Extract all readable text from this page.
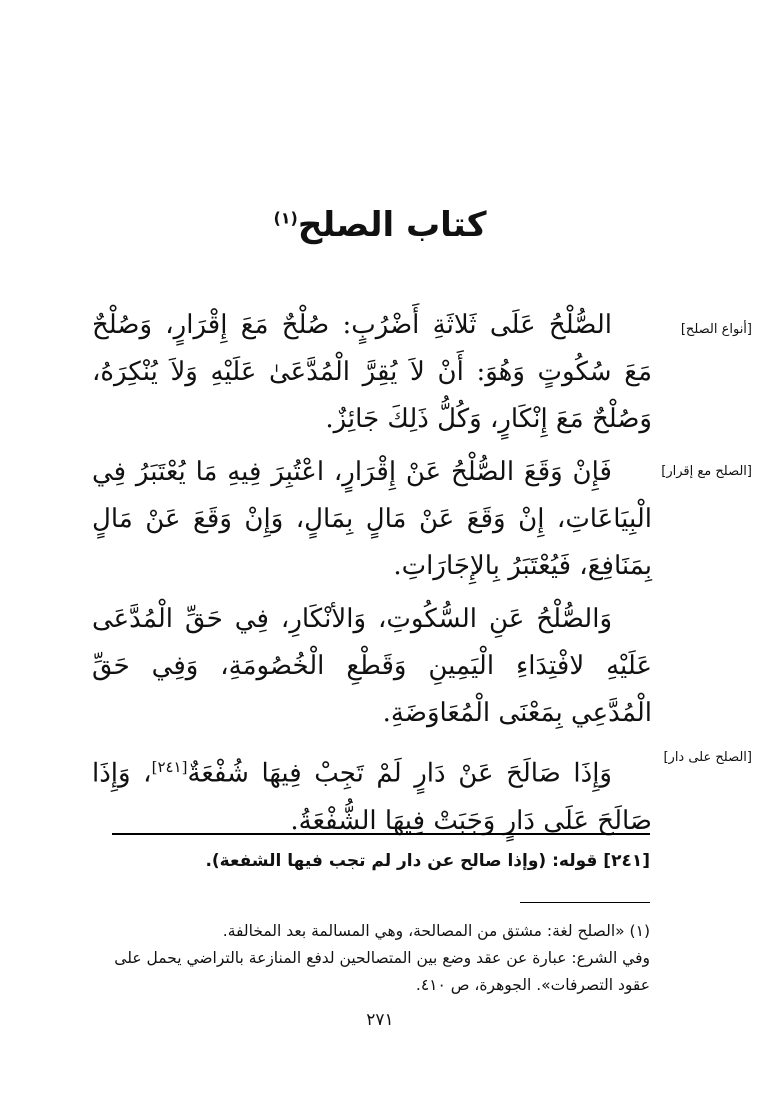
كتاب الصلح$^{(١)}$

الصُّلْحُ عَلَى ثَلاثَةِ أَضْرُبٍ: صُلْحٌ مَعَ إِقْرَارٍ، وَصُلْحٌ مَعَ سُكُوتٍ وَهُوَ: أَنْ لاَ يُقِرَّ الْمُدَّعَىٰ عَلَيْهِ وَلاَ يُنْكِرَهُ، وَصُلْحٌ مَعَ إِنْكَارٍ، وَكُلُّ ذَلِكَ جَائِزٌ.

[أنواع الصلح]

فَإِنْ وَقَعَ الصُّلْحُ عَنْ إِقْرَارٍ، اعْتُبِرَ فِيهِ مَا يُعْتَبَرُ فِي الْبِيَاعَاتِ، إِنْ وَقَعَ عَنْ مَالٍ بِمَالٍ، وَإِنْ وَقَعَ عَنْ مَالٍ بِمَنَافِعَ، فَيُعْتَبَرُ بِالإِجَارَاتِ.

[الصلح مع إقرار]

وَالصُّلْحُ عَنِ السُّكُوتِ، وَالأنْكَارِ، فِي حَقِّ الْمُدَّعَى عَلَيْهِ لافْتِدَاءِ الْيَمِينِ وَقَطْعِ الْخُصُومَةِ، وَفِي حَقِّ الْمُدَّعِي بِمَعْنَى الْمُعَاوَضَةِ.

وَإِذَا صَالَحَ عَنْ دَارٍ لَمْ تَجِبْ فِيهَا شُفْعَةٌ[٢٤١]، وَإِذَا صَالَحَ عَلَى دَارٍ وَجَبَتْ فِيهَا الشُّفْعَةُ.

[الصلح على دار]

[٢٤١] قوله: (وإذا صالح عن دار لم تجب فيها الشفعة).

(١) «الصلح لغة: مشتق من المصالحة، وهي المسالمة بعد المخالفة.

وفي الشرع: عبارة عن عقد وضع بين المتصالحين لدفع المنازعة بالتراضي يحمل على عقود التصرفات». الجوهرة، ص ٤١٠.

٢٧١
